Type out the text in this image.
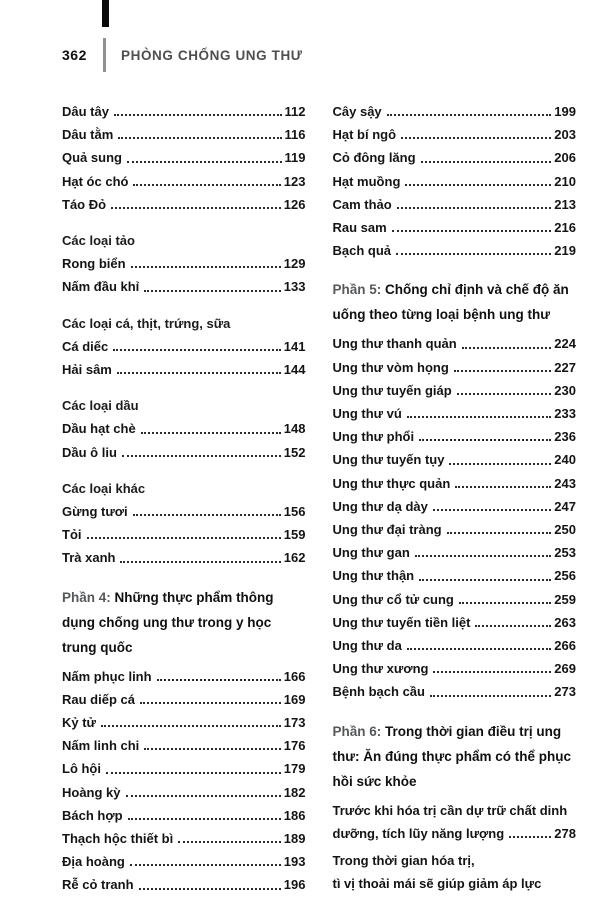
362	PHÒNG CHỐNG UNG THƯ
Dâu tây	112
Dâu tằm	116
Quả sung	119
Hạt óc chó	123
Táo Đỏ	126
Các loại tảo
Rong biển	129
Nấm đầu khỉ	133
Các loại cá, thịt, trứng, sữa
Cá diếc	141
Hải sâm	144
Các loại dầu
Dầu hạt chè	148
Dầu ô liu	152
Các loại khác
Gừng tươi	156
Tỏi	159
Trà xanh	162
Phần 4: Những thực phẩm thông dụng chống ung thư trong y học trung quốc
Nấm phục linh	166
Rau diếp cá	169
Kỷ tử	173
Nấm linh chi	176
Lô hội	179
Hoàng kỳ	182
Bách hợp	186
Thạch hộc thiết bì	189
Địa hoàng	193
Rễ cỏ tranh	196
Cây sậy	199
Hạt bí ngô	203
Cỏ đông lăng	206
Hạt muồng	210
Cam thảo	213
Rau sam	216
Bạch quả	219
Phần 5: Chống chỉ định và chế độ ăn uống theo từng loại bệnh ung thư
Ung thư thanh quản	224
Ung thư vòm họng	227
Ung thư tuyến giáp	230
Ung thư vú	233
Ung thư phổi	236
Ung thư tuyến tụy	240
Ung thư thực quản	243
Ung thư dạ dày	247
Ung thư đại tràng	250
Ung thư gan	253
Ung thư thận	256
Ung thư cổ tử cung	259
Ung thư tuyến tiền liệt	263
Ung thư da	266
Ung thư xương	269
Bệnh bạch cầu	273
Phần 6: Trong thời gian điều trị ung thư: Ăn đúng thực phẩm có thể phục hồi sức khỏe
Trước khi hóa trị cần dự trữ chất dinh
dưỡng, tích lũy năng lượng	278
Trong thời gian hóa trị,
tì vị thoải mái sẽ giúp giảm áp lực
